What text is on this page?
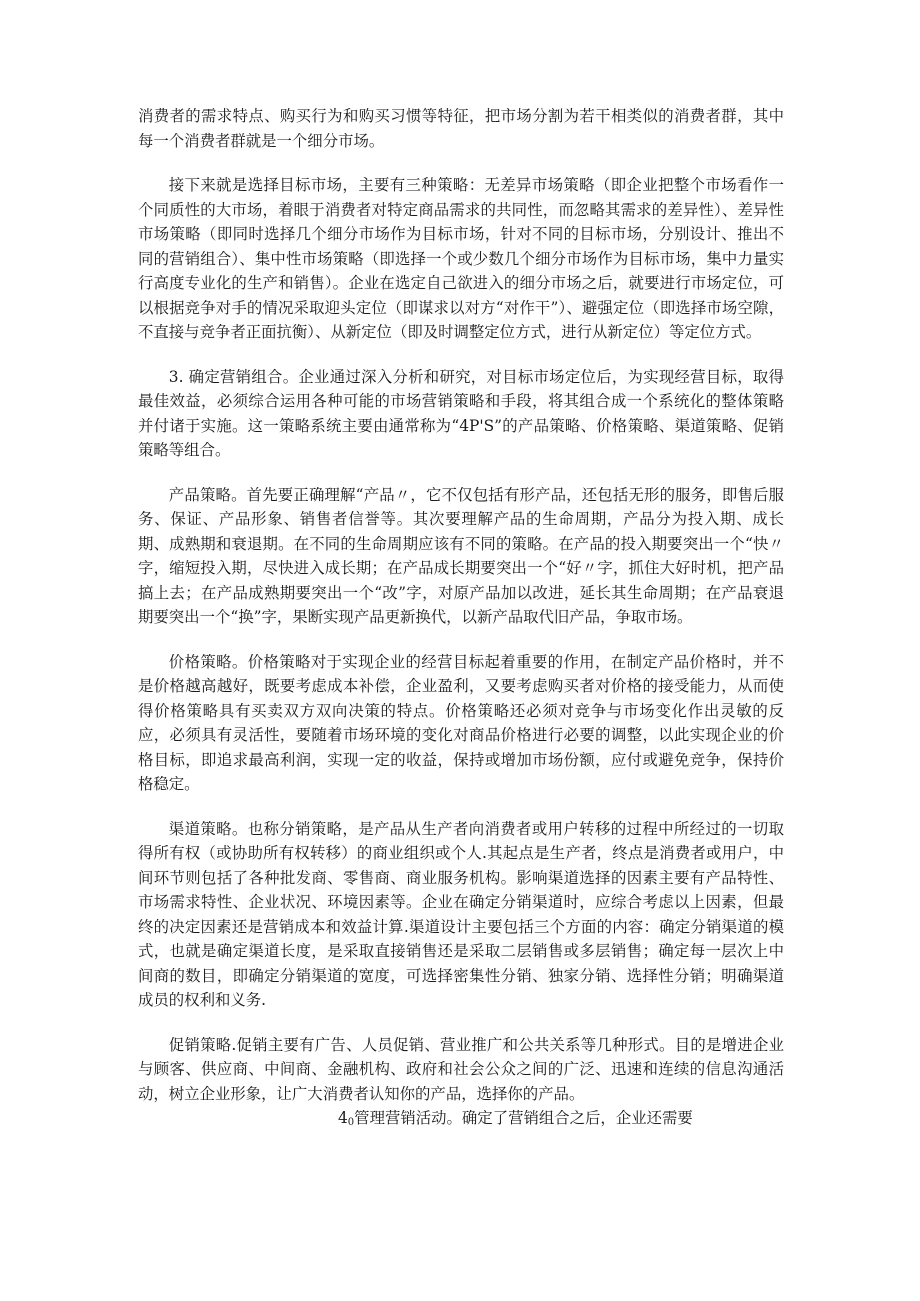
消费者的需求特点、购买行为和购买习惯等特征，把市场分割为若干相类似的消费者群，其中每一个消费者群就是一个细分市场。

接下来就是选择目标市场，主要有三种策略：无差异市场策略（即企业把整个市场看作一个同质性的大市场，着眼于消费者对特定商品需求的共同性，而忽略其需求的差异性）、差异性市场策略（即同时选择几个细分市场作为目标市场，针对不同的目标市场，分别设计、推出不同的营销组合）、集中性市场策略（即选择一个或少数几个细分市场作为目标市场，集中力量实行高度专业化的生产和销售）。企业在选定自己欲进入的细分市场之后，就要进行市场定位，可以根据竞争对手的情况采取迎头定位（即谋求以对方“对作干”）、避强定位（即选择市场空隙，不直接与竞争者正面抗衡）、从新定位（即及时调整定位方式，进行从新定位）等定位方式。

3. 确定营销组合。企业通过深入分析和研究，对目标市场定位后，为实现经营目标，取得最佳效益，必须综合运用各种可能的市场营销策略和手段，将其组合成一个系统化的整体策略并付诸于实施。这一策略系统主要由通常称为“4P'S”的产品策略、价格策略、渠道策略、促销策略等组合。

产品策略。首先要正确理解“产品〃，它不仅包括有形产品，还包括无形的服务，即售后服务、保证、产品形象、销售者信誉等。其次要理解产品的生命周期，产品分为投入期、成长期、成熟期和衰退期。在不同的生命周期应该有不同的策略。在产品的投入期要突出一个“快〃字，缩短投入期，尽快进入成长期；在产品成长期要突出一个“好〃字，抓住大好时机，把产品搞上去；在产品成熟期要突出一个“改”字，对原产品加以改进，延长其生命周期；在产品衰退期要突出一个“换”字，果断实现产品更新换代，以新产品取代旧产品，争取市场。

价格策略。价格策略对于实现企业的经营目标起着重要的作用，在制定产品价格时，并不是价格越高越好，既要考虑成本补偿，企业盈利，又要考虑购买者对价格的接受能力，从而使得价格策略具有买卖双方双向决策的特点。价格策略还必须对竞争与市场变化作出灵敏的反应，必须具有灵活性，要随着市场环境的变化对商品价格进行必要的调整，以此实现企业的价格目标，即追求最高利润，实现一定的收益，保持或增加市场份额，应付或避免竞争，保持价格稳定。

渠道策略。也称分销策略，是产品从生产者向消费者或用户转移的过程中所经过的一切取得所有权（或协助所有权转移）的商业组织或个人.其起点是生产者，终点是消费者或用户，中间环节则包括了各种批发商、零售商、商业服务机构。影响渠道选择的因素主要有产品特性、市场需求特性、企业状况、环境因素等。企业在确定分销渠道时，应综合考虑以上因素，但最终的决定因素还是营销成本和效益计算.渠道设计主要包括三个方面的内容：确定分销渠道的模式，也就是确定渠道长度，是采取直接销售还是采取二层销售或多层销售；确定每一层次上中间商的数目，即确定分销渠道的宽度，可选择密集性分销、独家分销、选择性分销；明确渠道成员的权利和义务.

促销策略.促销主要有广告、人员促销、营业推广和公共关系等几种形式。目的是增进企业与顾客、供应商、中间商、金融机构、政府和社会公众之间的广泛、迅速和连续的信息沟通活动，树立企业形象，让广大消费者认知你的产品，选择你的产品。

$4_0$管理营销活动。确定了营销组合之后，企业还需要
